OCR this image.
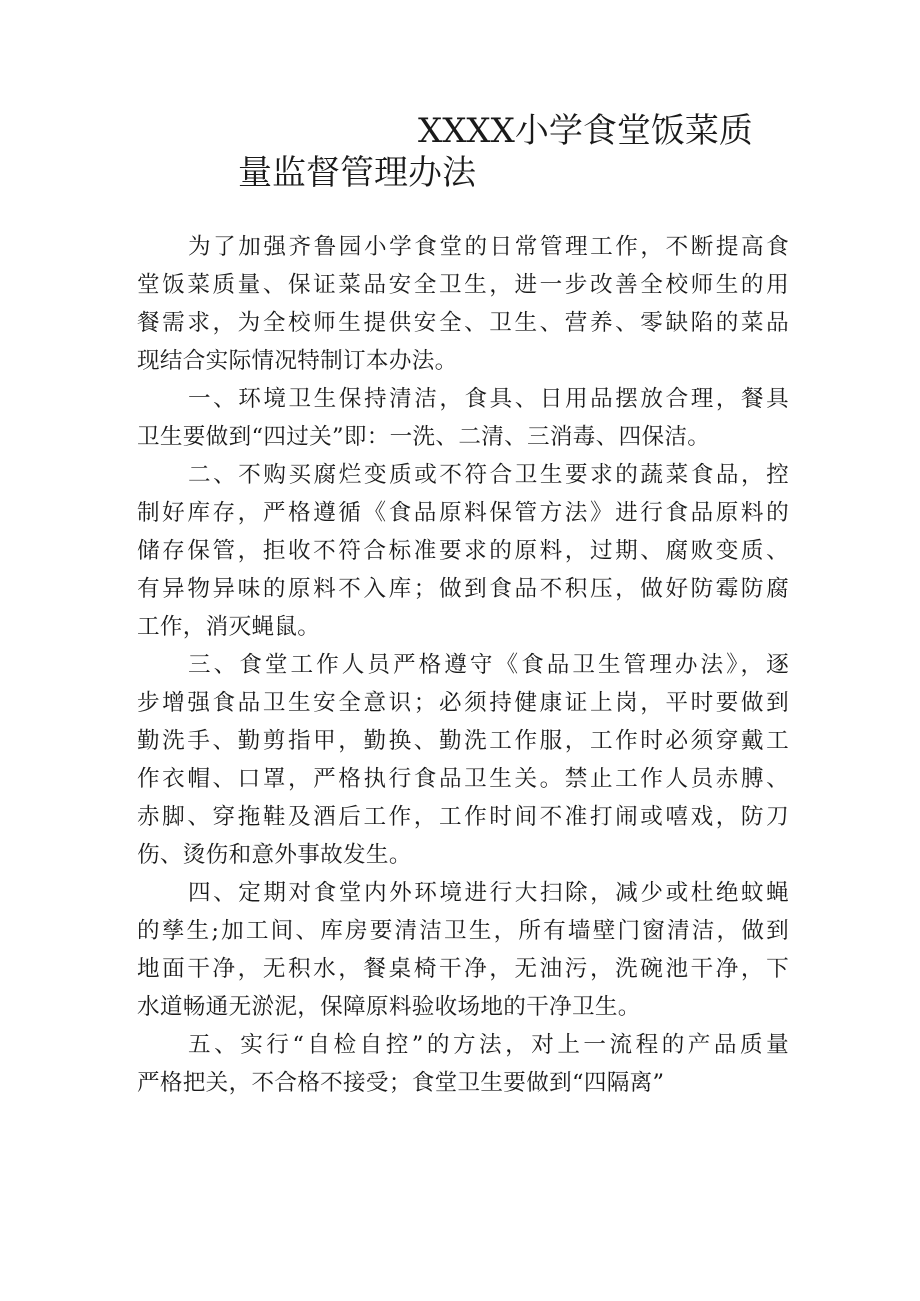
XXXX小学食堂饭菜质
量监督管理办法
为了加强齐鲁园小学食堂的日常管理工作，不断提高食
堂饭菜质量、保证菜品安全卫生，进一步改善全校师生的用
餐需求，为全校师生提供安全、卫生、营养、零缺陷的菜品
现结合实际情况特制订本办法。
一、环境卫生保持清洁，食具、日用品摆放合理，餐具
卫生要做到“四过关”即：一洗、二清、三消毒、四保洁。
二、不购买腐烂变质或不符合卫生要求的蔬菜食品，控
制好库存，严格遵循《食品原料保管方法》进行食品原料的
储存保管，拒收不符合标准要求的原料，过期、腐败变质、
有异物异味的原料不入库；做到食品不积压，做好防霉防腐
工作，消灭蝇鼠。
三、食堂工作人员严格遵守《食品卫生管理办法》，逐
步增强食品卫生安全意识；必须持健康证上岗，平时要做到
勤洗手、勤剪指甲，勤换、勤洗工作服，工作时必须穿戴工
作衣帽、口罩，严格执行食品卫生关。禁止工作人员赤膊、
赤脚、穿拖鞋及酒后工作，工作时间不准打闹或嘻戏，防刀
伤、烫伤和意外事故发生。
四、定期对食堂内外环境进行大扫除，减少或杜绝蚊蝇
的孳生;加工间、库房要清洁卫生，所有墙壁门窗清洁，做到
地面干净，无积水，餐桌椅干净，无油污，洗碗池干净，下
水道畅通无淤泥，保障原料验收场地的干净卫生。
五、实行“自检自控”的方法，对上一流程的产品质量
严格把关，不合格不接受；食堂卫生要做到“四隔离”
